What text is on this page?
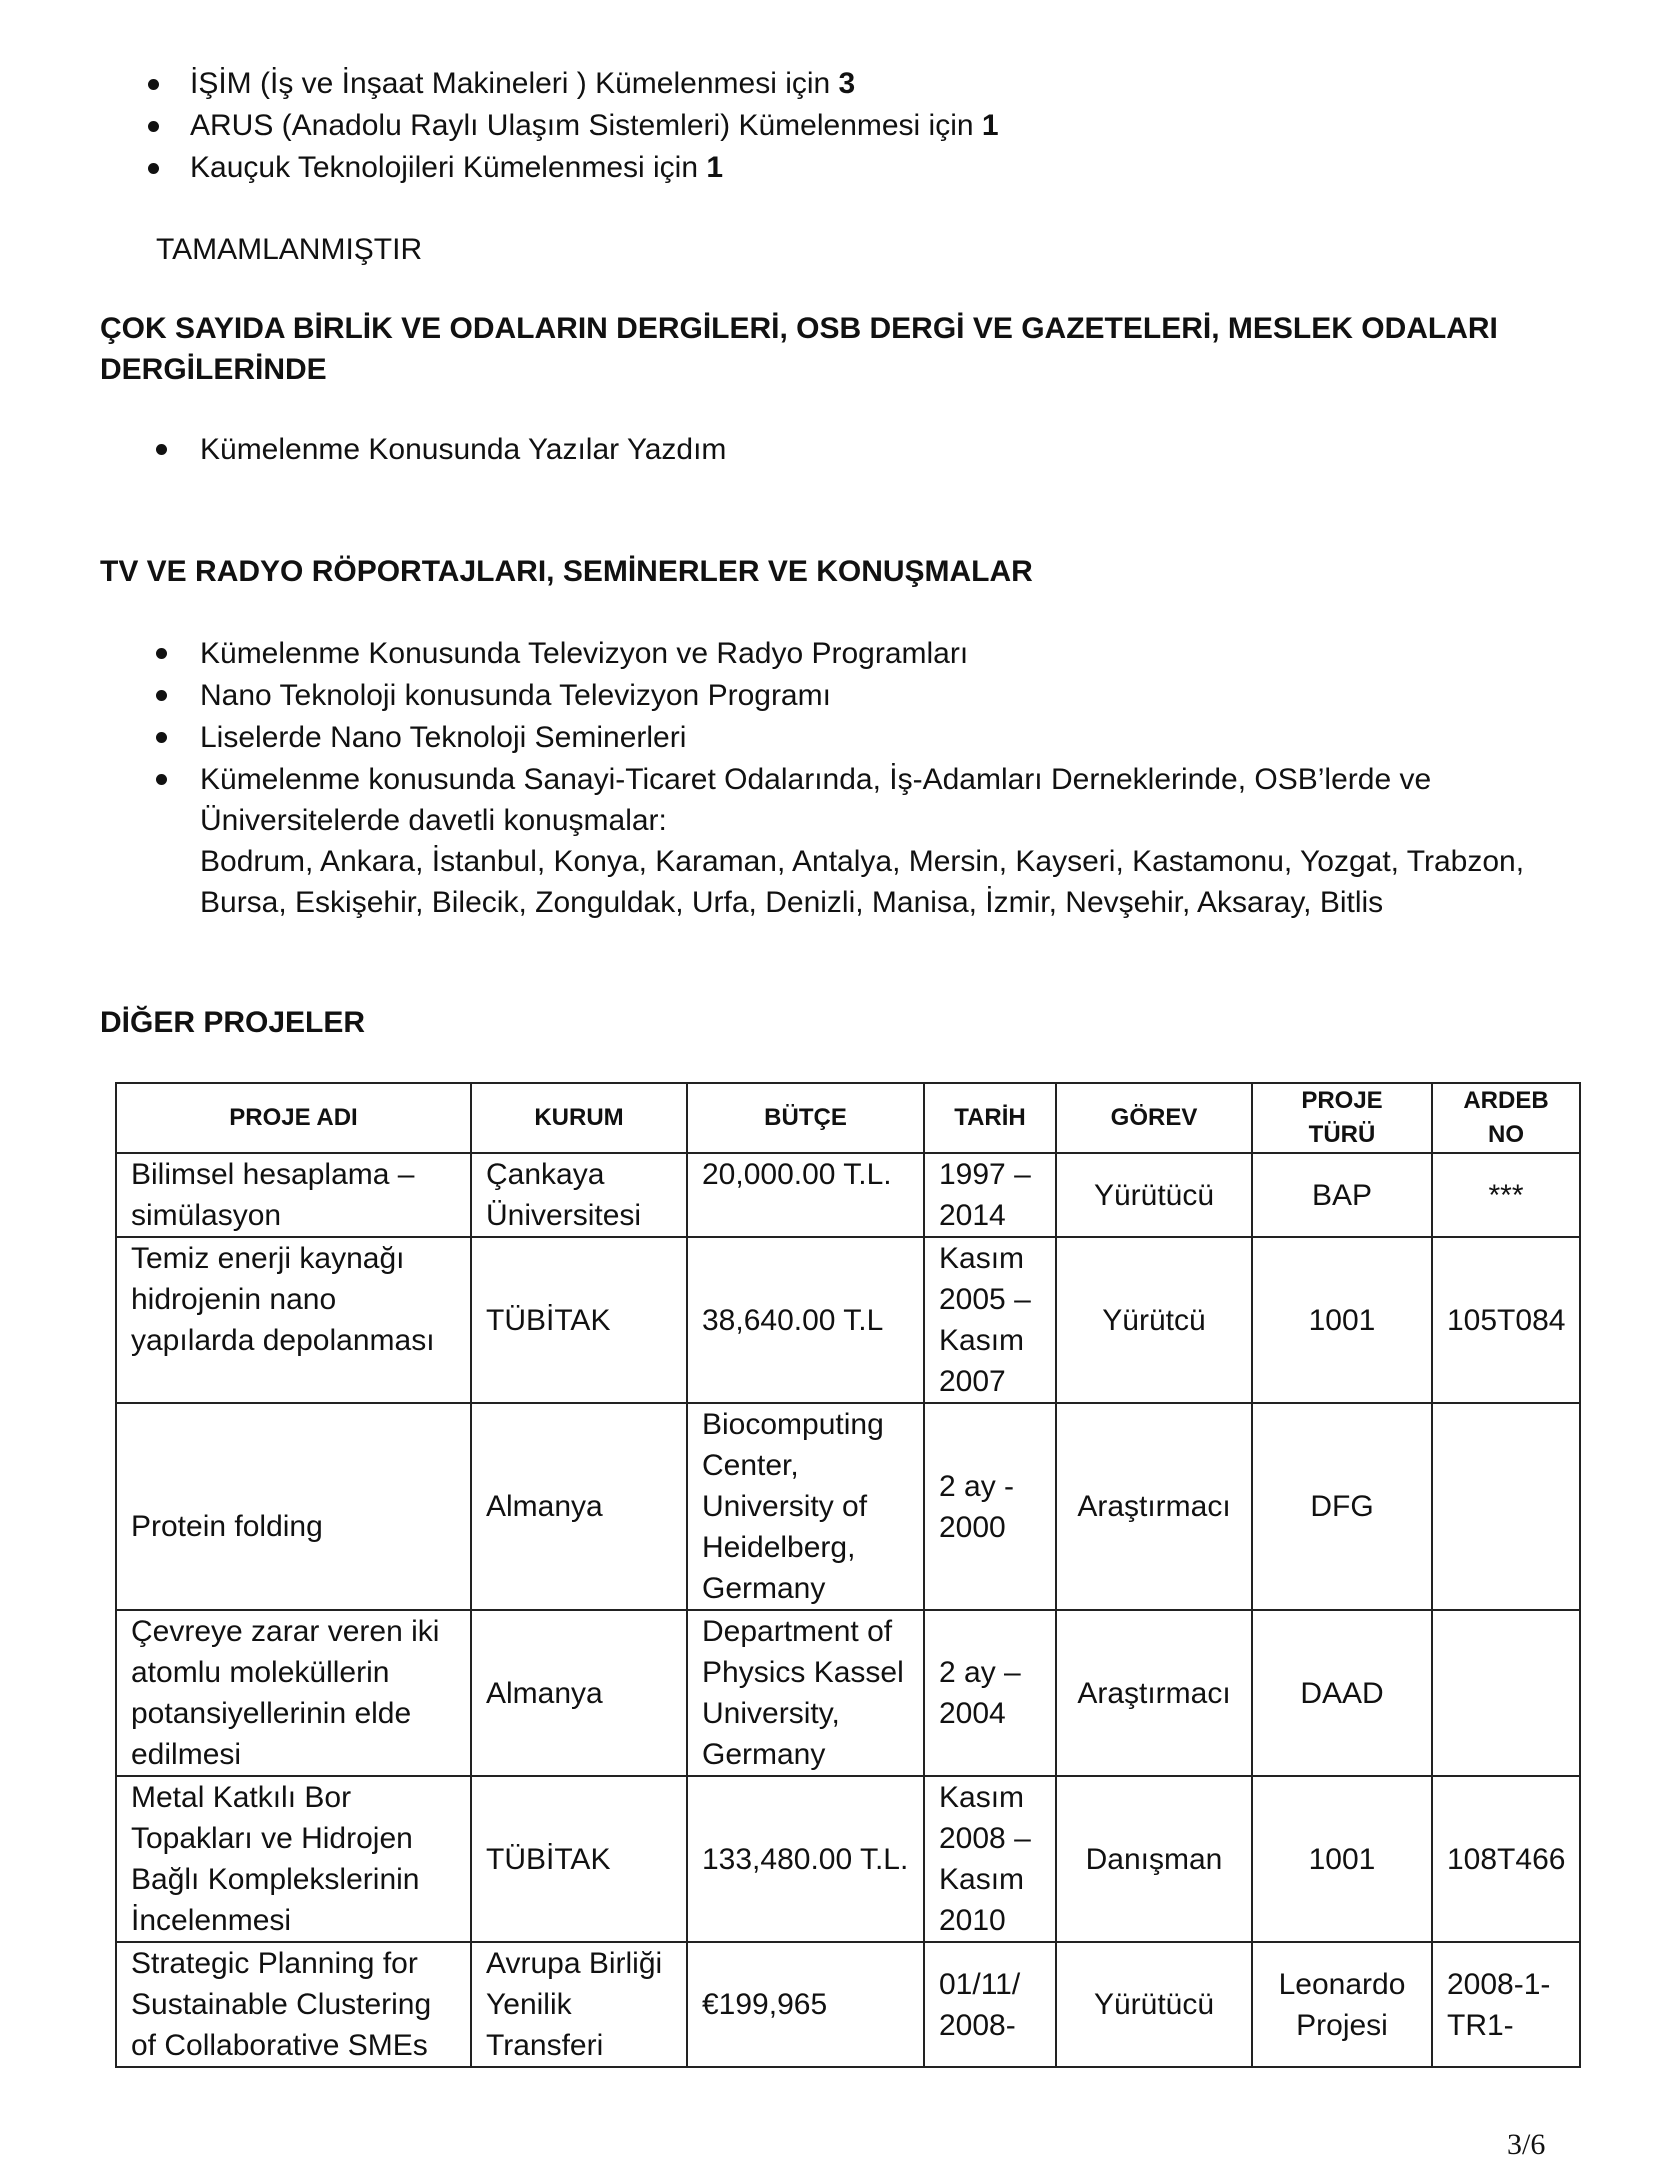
İŞİM (İş ve İnşaat Makineleri ) Kümelenmesi için 3
ARUS (Anadolu Raylı Ulaşım Sistemleri) Kümelenmesi için 1
Kauçuk Teknolojileri Kümelenmesi için 1
TAMAMLANMIŞTIR
ÇOK SAYIDA BİRLİK VE ODALARIN DERGİLERİ, OSB DERGİ VE GAZETELERİ, MESLEK ODALARI
DERGİLERİNDE
Kümelenme Konusunda Yazılar Yazdım
TV VE RADYO RÖPORTAJLARI, SEMİNERLER VE KONUŞMALAR
Kümelenme Konusunda Televizyon ve Radyo Programları
Nano Teknoloji konusunda Televizyon Programı
Liselerde Nano Teknoloji Seminerleri
Kümelenme konusunda Sanayi-Ticaret Odalarında, İş-Adamları Derneklerinde, OSB’lerde ve
Üniversitelerde davetli konuşmalar:
Bodrum, Ankara, İstanbul, Konya, Karaman, Antalya, Mersin, Kayseri, Kastamonu, Yozgat, Trabzon,
Bursa, Eskişehir, Bilecik, Zonguldak, Urfa, Denizli, Manisa, İzmir, Nevşehir, Aksaray, Bitlis
DİĞER PROJELER
PROJE ADI	KURUM	BÜTÇE	TARİH	GÖREV	PROJE TÜRÜ	ARDEB NO
Bilimsel hesaplama – simülasyon	Çankaya Üniversitesi	20,000.00 T.L.	1997 – 2014	Yürütücü	BAP	***
Temiz enerji kaynağı hidrojenin nano yapılarda depolanması	TÜBİTAK	38,640.00 T.L	Kasım 2005 – Kasım 2007	Yürütcü	1001	105T084
Protein folding	Almanya	Biocomputing Center, University of Heidelberg, Germany	2 ay - 2000	Araştırmacı	DFG	
Çevreye zarar veren iki atomlu moleküllerin potansiyellerinin elde edilmesi	Almanya	Department of Physics Kassel University, Germany	2 ay – 2004	Araştırmacı	DAAD	
Metal Katkılı Bor Topakları ve Hidrojen Bağlı Komplekslerinin İncelenmesi	TÜBİTAK	133,480.00 T.L.	Kasım 2008 – Kasım 2010	Danışman	1001	108T466
Strategic Planning for Sustainable Clustering of Collaborative SMEs	Avrupa Birliği Yenilik Transferi	€199,965	01/11/ 2008-	Yürütücü	Leonardo Projesi	2008-1-TR1-
3/6
